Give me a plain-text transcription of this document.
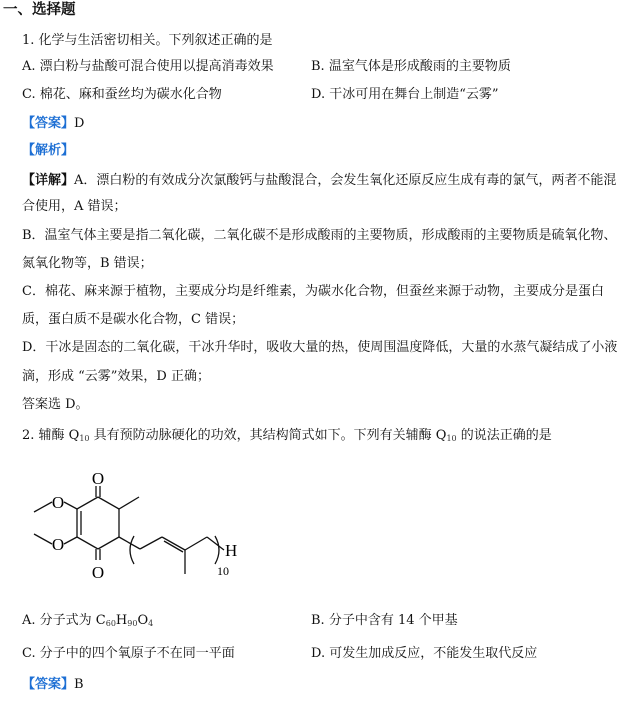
一、选择题
1. 化学与生活密切相关。下列叙述正确的是
A. 漂白粉与盐酸可混合使用以提高消毒效果	B. 温室气体是形成酸雨的主要物质
C. 棉花、麻和蚕丝均为碳水化合物	D. 干冰可用在舞台上制造“云雾”
【答案】D
【解析】
【详解】A．漂白粉的有效成分次氯酸钙与盐酸混合，会发生氧化还原反应生成有毒的氯气，两者不能混
合使用，A 错误；
B．温室气体主要是指二氧化碳，二氧化碳不是形成酸雨的主要物质，形成酸雨的主要物质是硫氧化物、
氮氧化物等，B 错误；
C．棉花、麻来源于植物，主要成分均是纤维素，为碳水化合物，但蚕丝来源于动物，主要成分是蛋白
质，蛋白质不是碳水化合物，C 错误；
D．干冰是固态的二氧化碳，干冰升华时，吸收大量的热，使周围温度降低，大量的水蒸气凝结成了小液
滴，形成 “云雾”效果，D 正确；
答案选 D。
2. 辅酶 $Q_{10}$ 具有预防动脉硬化的功效，其结构简式如下。下列有关辅酶 $Q_{10}$ 的说法正确的是
O
O
O
O	H
10
A. 分子式为 $C_{60}H_{90}O_4$	B. 分子中含有 14 个甲基
C. 分子中的四个氧原子不在同一平面	D. 可发生加成反应，不能发生取代反应
【答案】B
